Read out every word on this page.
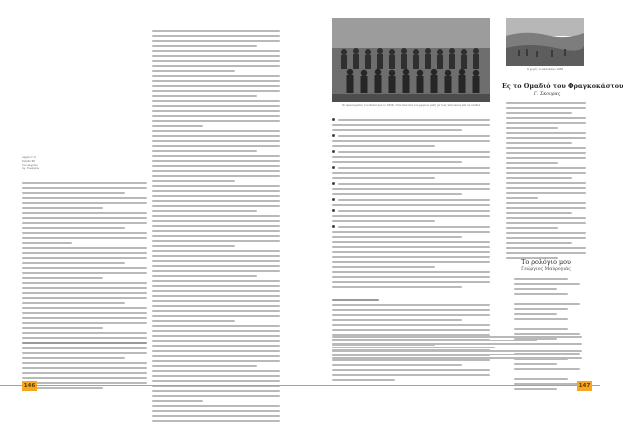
αρχείο Γ.Χ.
Σελίδα 96
του αρχείου
Αγ. Γεωργίου
146
Ο χορός το καλοκαίρι 1956
Οι πρωτεργάτες του Συλλόγου το 1956, στην πλατεία του χωριού, μαζί με τους κατοίκους και τα παιδιά
Ες το Ομαδιό του Φραγκοκάστου
Γ. Σκουρας
Το ρολόγιο μου
Γεώργιος Μαύρογιάς
147
